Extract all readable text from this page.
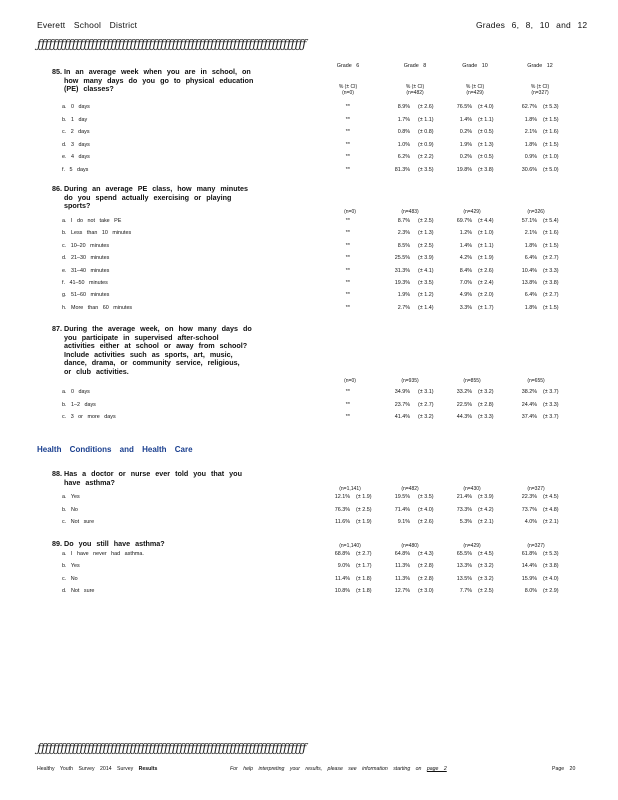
Everett School District	Grades 6, 8, 10 and 12
ƒƒƒƒƒƒƒƒƒƒƒƒƒƒƒƒƒƒƒƒƒƒƒƒƒƒƒƒƒƒƒƒƒƒƒƒƒƒƒƒƒƒƒƒƒƒƒƒƒƒƒƒƒƒƒƒƒƒƒƒƒƒƒƒƒƒƒƒƒƒ
Grade 6	Grade 8	Grade 10	Grade 12
% (± CI)	% (± CI)	% (± CI)	% (± CI)
(n=0)	(n=482)	(n=429)	(n=327)
85. In an average week when you are in school, on
how many days do you go to physical education
(PE) classes?
a. 0 days	**	8.9% (± 2.6)	76.5% (± 4.0)	62.7% (± 5.3)
b. 1 day	**	1.7% (± 1.1)	1.4% (± 1.1)	1.8% (± 1.5)
c. 2 days	**	0.8% (± 0.8)	0.2% (± 0.5)	2.1% (± 1.6)
d. 3 days	**	1.0% (± 0.9)	1.9% (± 1.3)	1.8% (± 1.5)
e. 4 days	**	6.2% (± 2.2)	0.2% (± 0.5)	0.9% (± 1.0)
f. 5 days	**	81.3% (± 3.5)	19.8% (± 3.8)	30.6% (± 5.0)
86. During an average PE class, how many minutes
do you spend actually exercising or playing
sports?
(n=0)	(n=483)	(n=429)	(n=326)
a. I do not take PE	**	8.7% (± 2.5)	69.7% (± 4.4)	57.1% (± 5.4)
b. Less than 10 minutes	**	2.3% (± 1.3)	1.2% (± 1.0)	2.1% (± 1.6)
c. 10–20 minutes	**	8.5% (± 2.5)	1.4% (± 1.1)	1.8% (± 1.5)
d. 21–30 minutes	**	25.5% (± 3.9)	4.2% (± 1.9)	6.4% (± 2.7)
e. 31–40 minutes	**	31.3% (± 4.1)	8.4% (± 2.6)	10.4% (± 3.3)
f. 41–50 minutes	**	19.3% (± 3.5)	7.0% (± 2.4)	13.8% (± 3.8)
g. 51–60 minutes	**	1.9% (± 1.2)	4.9% (± 2.0)	6.4% (± 2.7)
h. More than 60 minutes	**	2.7% (± 1.4)	3.3% (± 1.7)	1.8% (± 1.5)
87. During the average week, on how many days do
you participate in supervised after-school
activities either at school or away from school?
Include activities such as sports, art, music,
dance, drama, or community service, religious,
or club activities.
(n=0)	(n=935)	(n=855)	(n=655)
a. 0 days	**	34.9% (± 3.1)	33.2% (± 3.2)	38.2% (± 3.7)
b. 1–2 days	**	23.7% (± 2.7)	22.5% (± 2.8)	24.4% (± 3.3)
c. 3 or more days	**	41.4% (± 3.2)	44.3% (± 3.3)	37.4% (± 3.7)
88. Has a doctor or nurse ever told you that you
have asthma?
(n=1,141)	(n=482)	(n=430)	(n=327)
a. Yes	12.1% (± 1.9)	19.5% (± 3.5)	21.4% (± 3.9)	22.3% (± 4.5)
b. No	76.3% (± 2.5)	71.4% (± 4.0)	73.3% (± 4.2)	73.7% (± 4.8)
c. Not sure	11.6% (± 1.9)	9.1% (± 2.6)	5.3% (± 2.1)	4.0% (± 2.1)
89. Do you still have asthma?	(n=1,140)	(n=480)	(n=429)	(n=327)
a. I have never had asthma.	68.8% (± 2.7)	64.8% (± 4.3)	65.5% (± 4.5)	61.8% (± 5.3)
b. Yes	9.0% (± 1.7)	11.3% (± 2.8)	13.3% (± 3.2)	14.4% (± 3.8)
c. No	11.4% (± 1.8)	11.3% (± 2.8)	13.5% (± 3.2)	15.9% (± 4.0)
d. Not sure	10.8% (± 1.8)	12.7% (± 3.0)	7.7% (± 2.5)	8.0% (± 2.9)
Health Conditions and Health Care
ƒƒƒƒƒƒƒƒƒƒƒƒƒƒƒƒƒƒƒƒƒƒƒƒƒƒƒƒƒƒƒƒƒƒƒƒƒƒƒƒƒƒƒƒƒƒƒƒƒƒƒƒƒƒƒƒƒƒƒƒƒƒƒƒƒƒƒƒƒƒ
Healthy Youth Survey 2014 Survey Results	For help interpreting your results, please see information starting on page 2	Page 20
